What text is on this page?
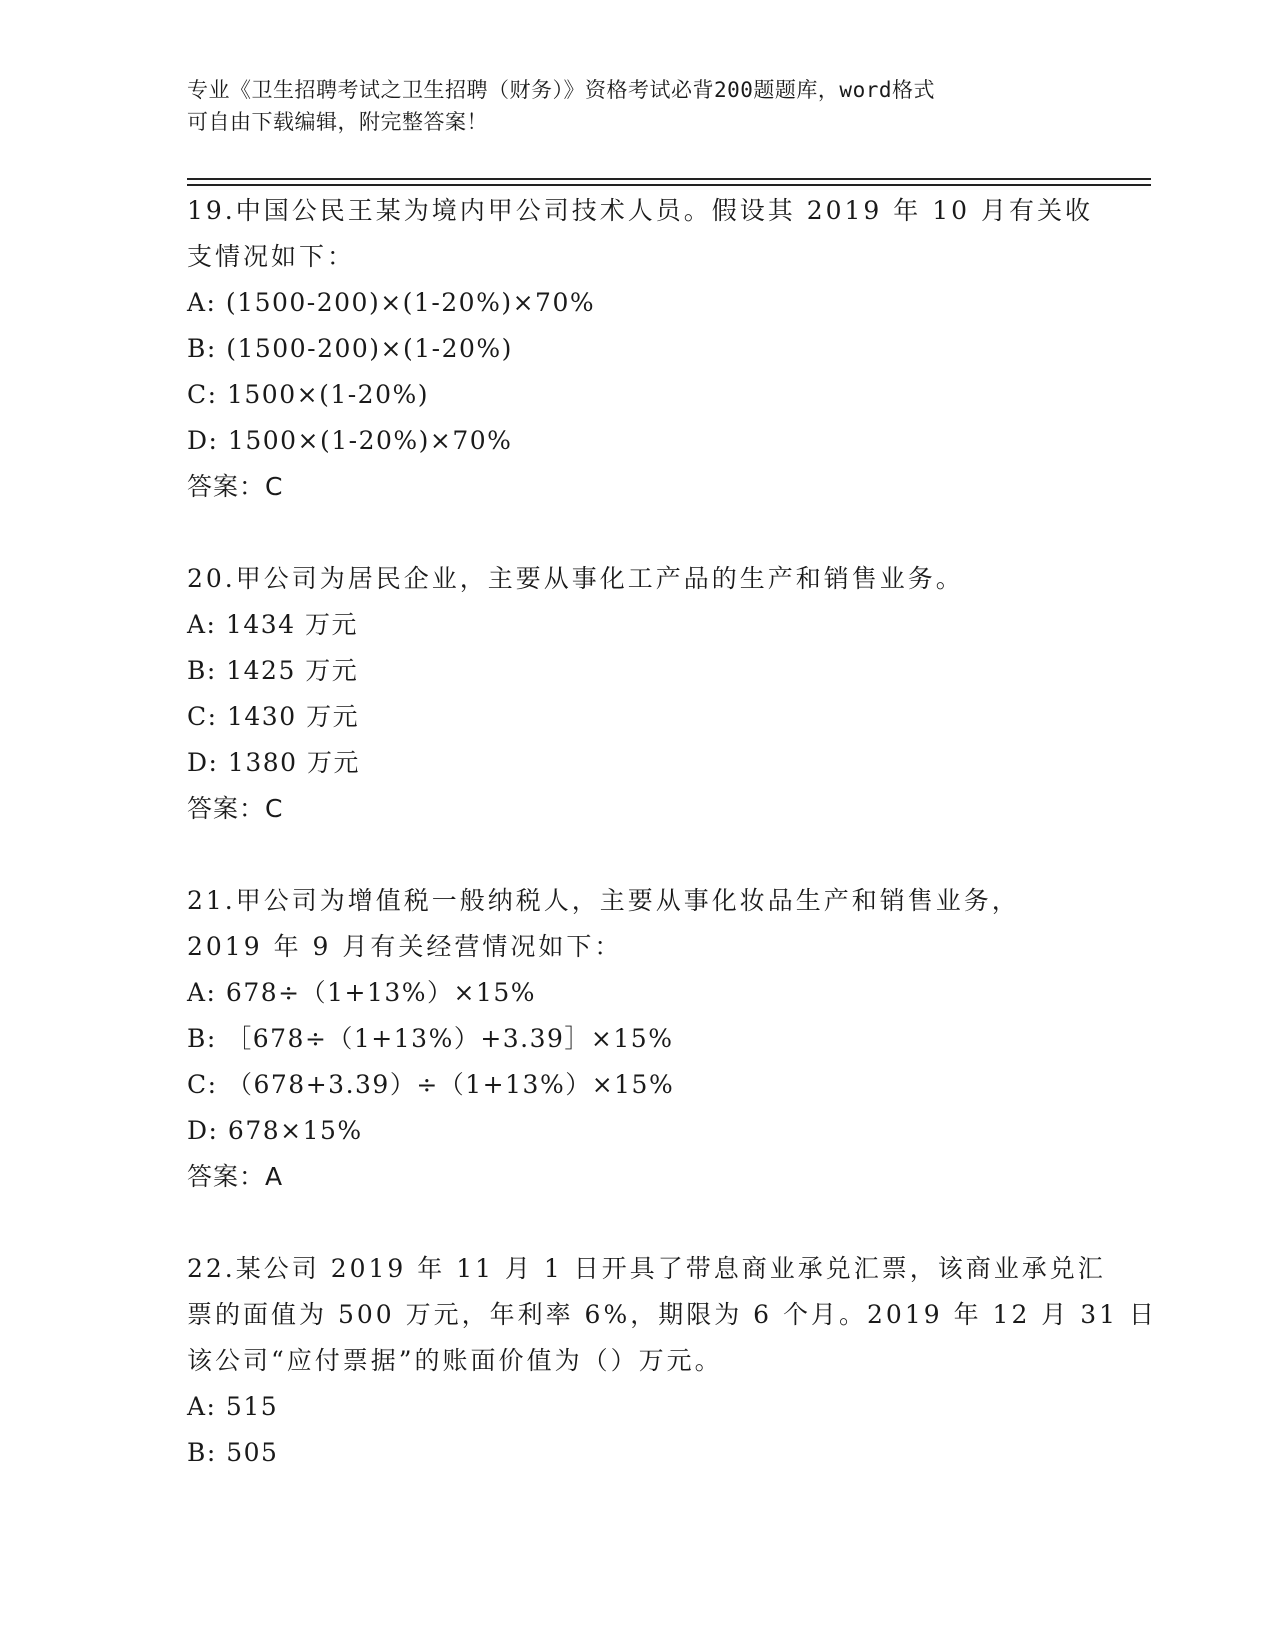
专业《卫生招聘考试之卫生招聘（财务）》资格考试必背200题题库，word格式
可自由下载编辑，附完整答案！
19.中国公民王某为境内甲公司技术人员。假设其 2019 年 10 月有关收
支情况如下：
A: (1500-200)×(1-20%)×70%
B: (1500-200)×(1-20%)
C: 1500×(1-20%)
D: 1500×(1-20%)×70%
答案：C
20.甲公司为居民企业，主要从事化工产品的生产和销售业务。
A: 1434 万元
B: 1425 万元
C: 1430 万元
D: 1380 万元
答案：C
21.甲公司为增值税一般纳税人，主要从事化妆品生产和销售业务，
2019 年 9 月有关经营情况如下：
A: 678÷（1+13%）×15%
B: ［678÷（1+13%）+3.39］×15%
C: （678+3.39）÷（1+13%）×15%
D: 678×15%
答案：A
22.某公司 2019 年 11 月 1 日开具了带息商业承兑汇票，该商业承兑汇
票的面值为 500 万元，年利率 6%，期限为 6 个月。2019 年 12 月 31 日
该公司“应付票据”的账面价值为（）万元。
A: 515
B: 505
